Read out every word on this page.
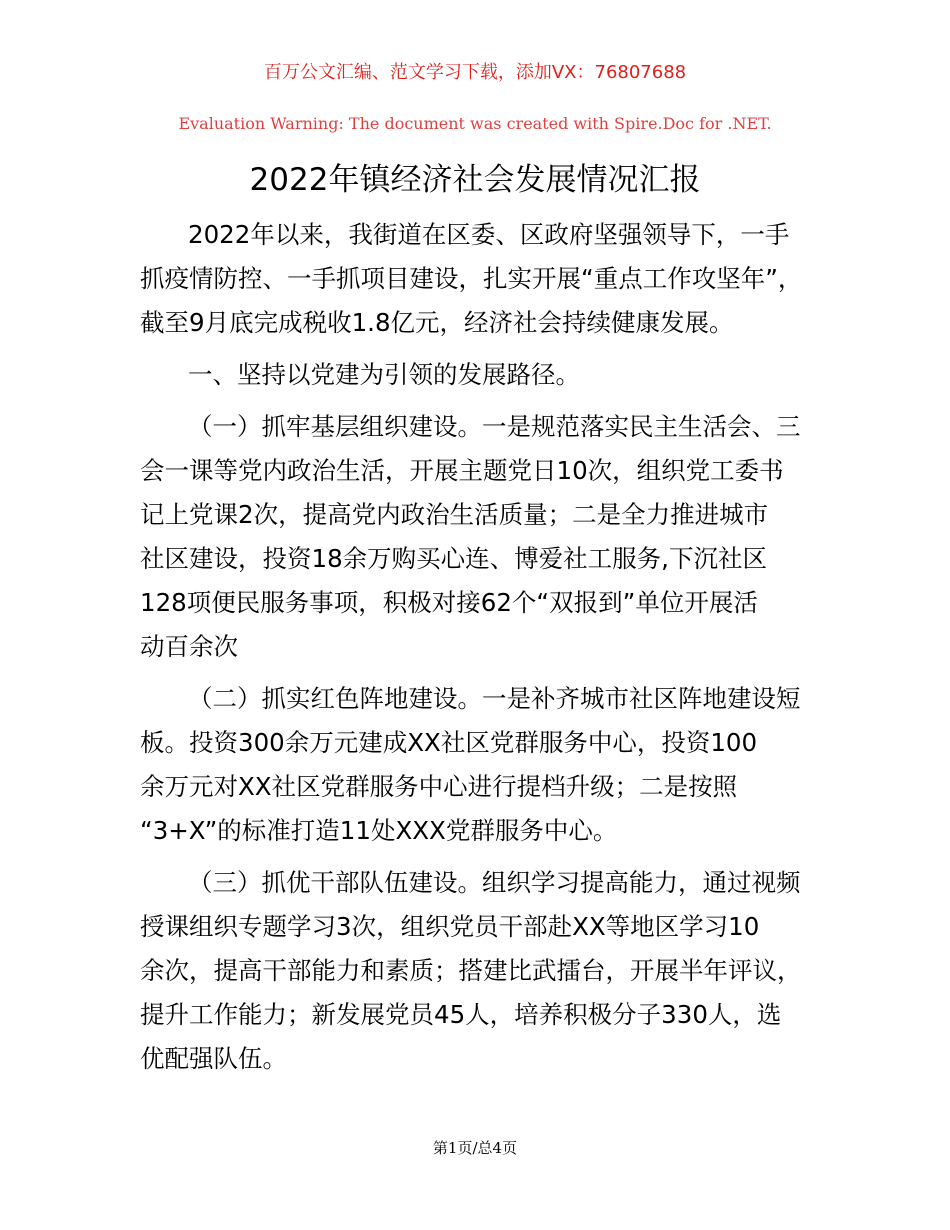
百万公文汇编、范文学习下载，添加VX：76807688
Evaluation Warning: The document was created with Spire.Doc for .NET.
2022年镇经济社会发展情况汇报
2022年以来，我街道在区委、区政府坚强领导下，一手
抓疫情防控、一手抓项目建设，扎实开展“重点工作攻坚年”，
截至9月底完成税收1.8亿元，经济社会持续健康发展。
一、坚持以党建为引领的发展路径。
（一）抓牢基层组织建设。一是规范落实民主生活会、三
会一课等党内政治生活，开展主题党日10次，组织党工委书
记上党课2次，提高党内政治生活质量；二是全力推进城市
社区建设，投资18余万购买心连、博爱社工服务,下沉社区
128项便民服务事项，积极对接62个“双报到”单位开展活
动百余次
（二）抓实红色阵地建设。一是补齐城市社区阵地建设短
板。投资300余万元建成XX社区党群服务中心，投资100
余万元对XX社区党群服务中心进行提档升级；二是按照
“3+X”的标准打造11处XXX党群服务中心。
（三）抓优干部队伍建设。组织学习提高能力，通过视频
授课组织专题学习3次，组织党员干部赴XX等地区学习10
余次，提高干部能力和素质；搭建比武擂台，开展半年评议，
提升工作能力；新发展党员45人，培养积极分子330人，选
优配强队伍。
第1页/总4页
